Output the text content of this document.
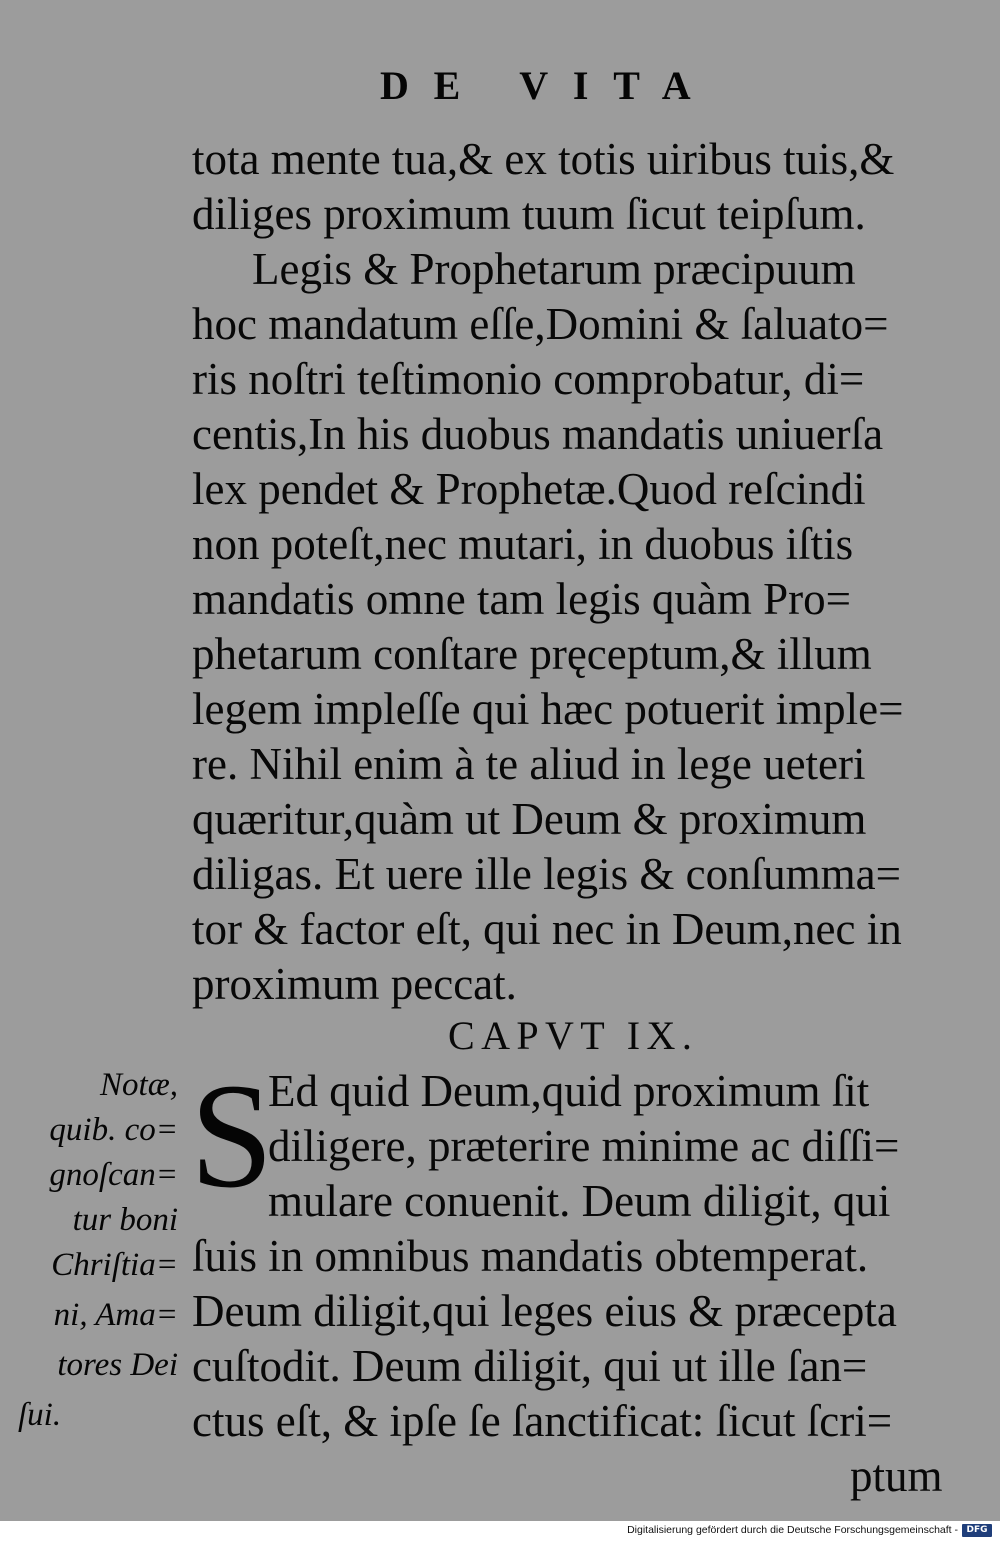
DE VITA
tota mente tua,& ex totis uiribus tuis,&
diliges proximum tuum ſicut teipſum.
Legis & Prophetarum præcipuum
hoc mandatum eſſe,Domini & ſaluato=
ris noſtri teſtimonio comprobatur, di=
centis,In his duobus mandatis uniuerſa
lex pendet & Prophetæ.Quod reſcindi
non poteſt,nec mutari, in duobus iſtis
mandatis omne tam legis quàm Pro=
phetarum conſtare pręceptum,& illum
legem impleſſe qui hæc potuerit imple=
re. Nihil enim à te aliud in lege ueteri
quæritur,quàm ut Deum & proximum
diligas. Et uere ille legis & conſumma=
tor & factor eſt, qui nec in Deum,nec in
proximum peccat.
CAPVT IX.
S
Ed quid Deum,quid proximum ſit
diligere, præterire minime ac diſſi=
mulare conuenit. Deum diligit, qui
ſuis in omnibus mandatis obtemperat.
Deum diligit,qui leges eius & præcepta
cuſtodit. Deum diligit, qui ut ille ſan=
ctus eſt, & ipſe ſe ſanctificat: ſicut ſcri=
ptum
Notæ,
quib. co=
gnoſcan=
tur boni
Chriſtia=
ni, Ama=
tores Dei
ſui.
Digitalisierung gefördert durch die Deutsche Forschungsgemeinschaft - DFG
